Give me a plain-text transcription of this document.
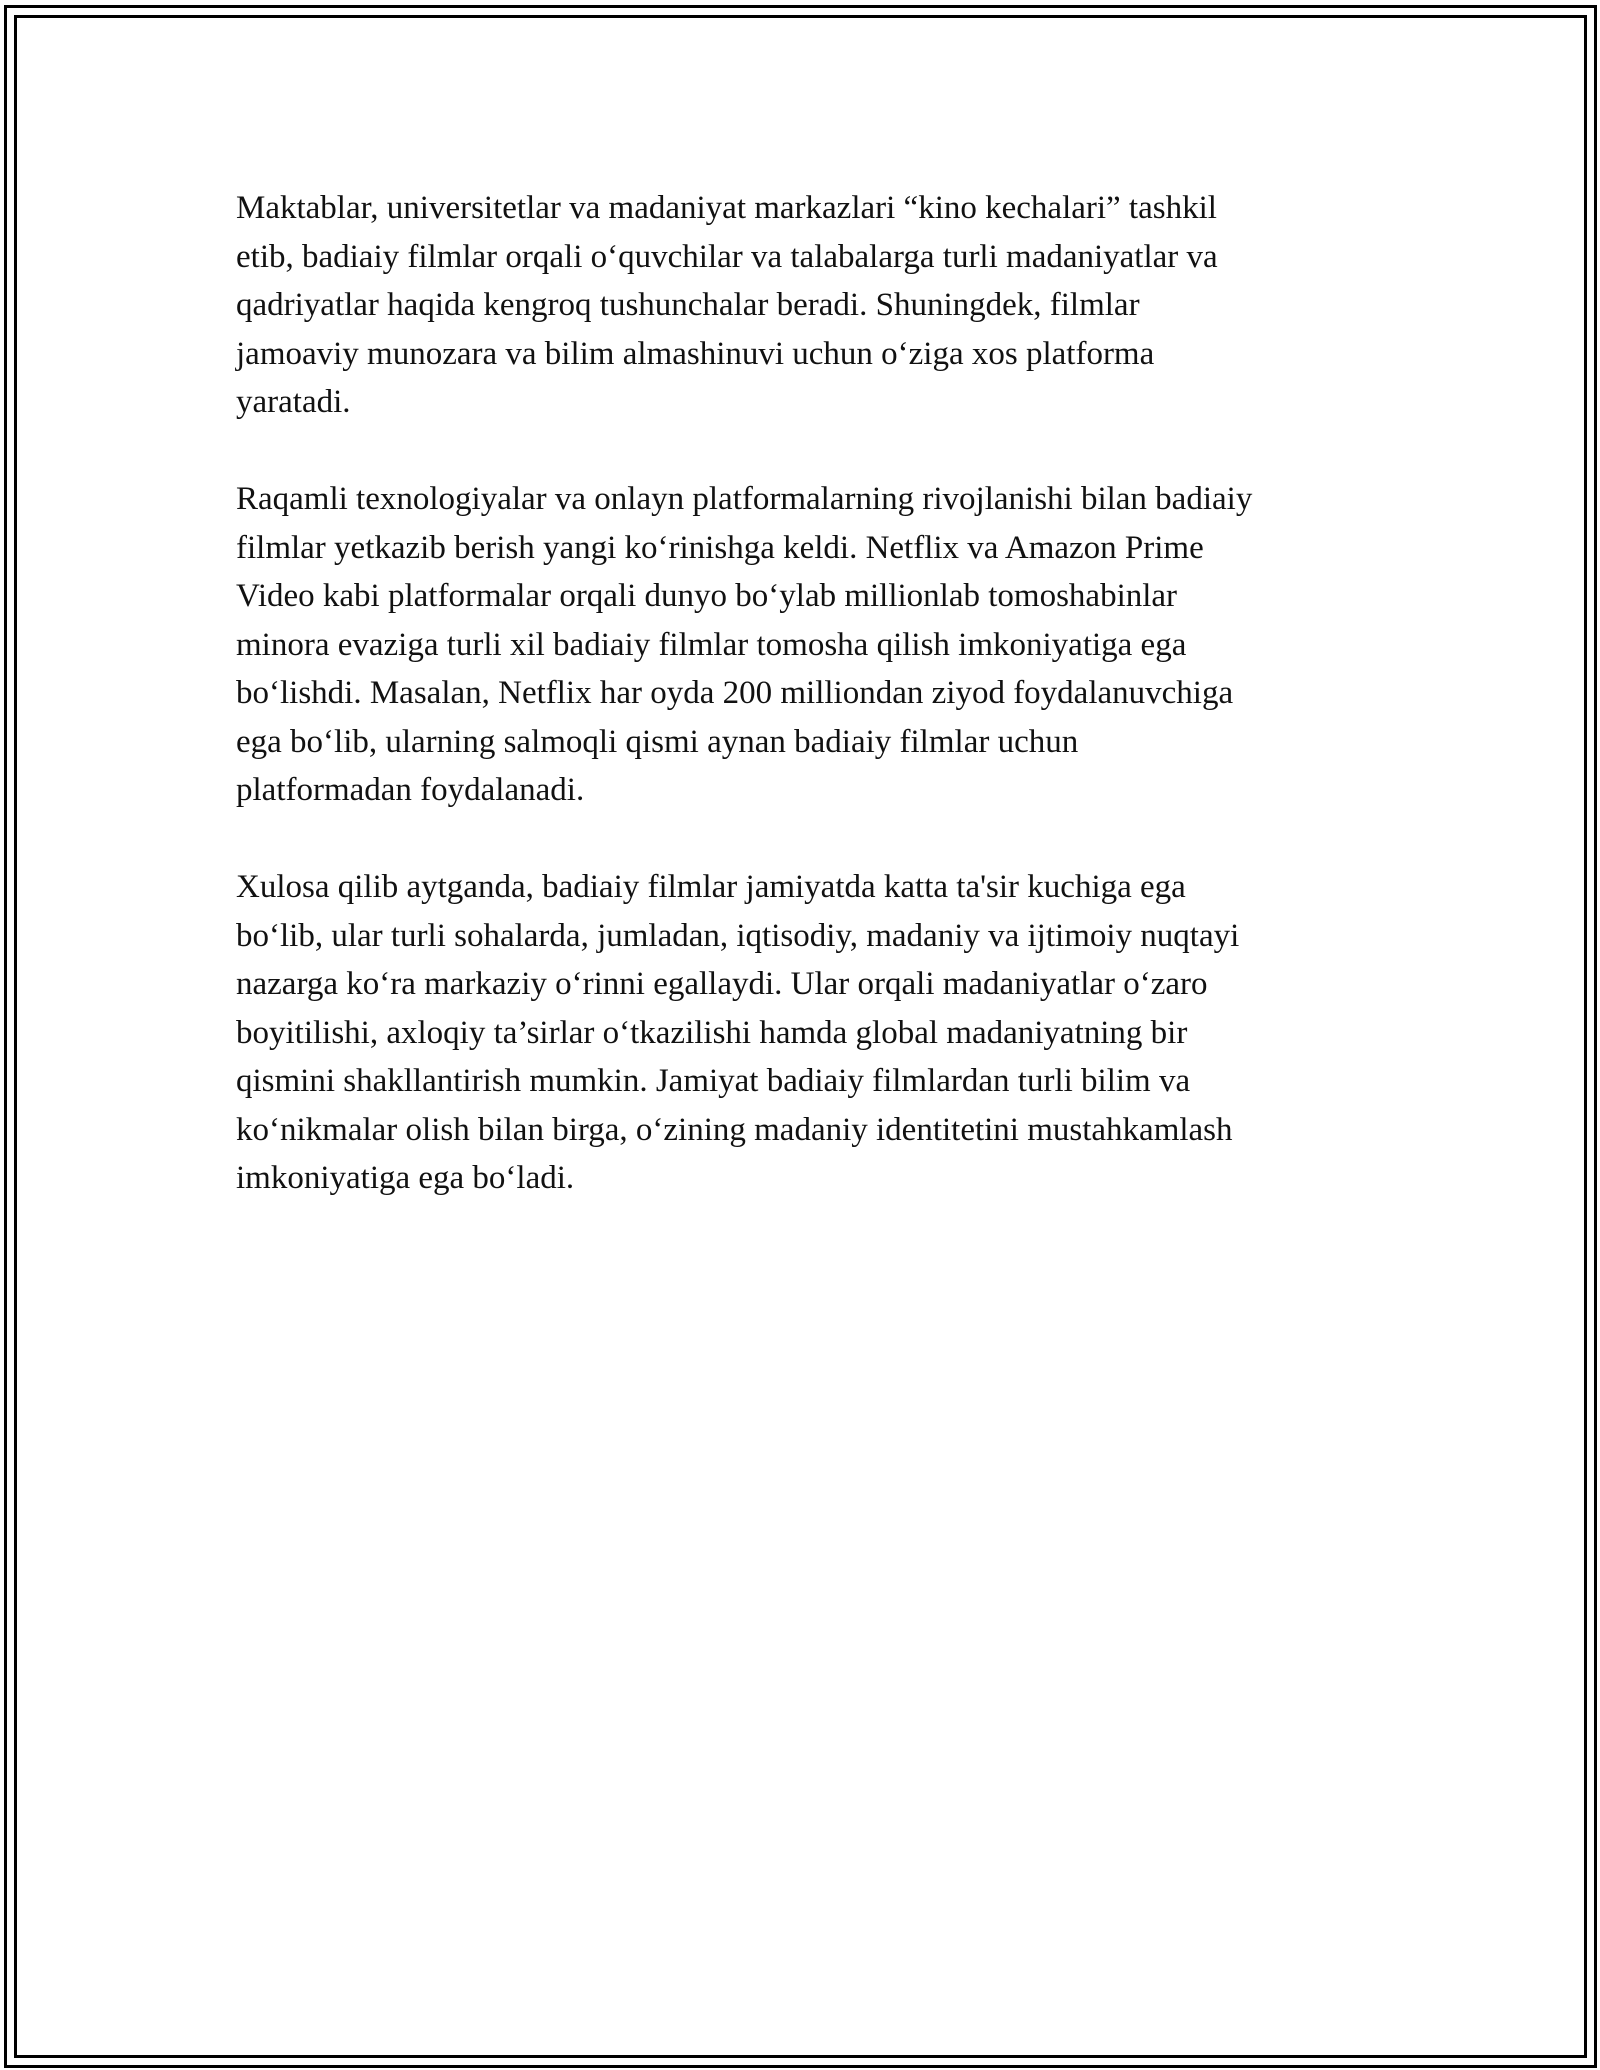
Maktablar, universitetlar va madaniyat markazlari “kino kechalari” tashkil
etib, badiaiy filmlar orqali oʻquvchilar va talabalarga turli madaniyatlar va
qadriyatlar haqida kengroq tushunchalar beradi. Shuningdek, filmlar
jamoaviy munozara va bilim almashinuvi uchun oʻziga xos platforma
yaratadi.

Raqamli texnologiyalar va onlayn platformalarning rivojlanishi bilan badiaiy
filmlar yetkazib berish yangi koʻrinishga keldi. Netflix va Amazon Prime
Video kabi platformalar orqali dunyo boʻylab millionlab tomoshabinlar
minora evaziga turli xil badiaiy filmlar tomosha qilish imkoniyatiga ega
boʻlishdi. Masalan, Netflix har oyda 200 milliondan ziyod foydalanuvchiga
ega boʻlib, ularning salmoqli qismi aynan badiaiy filmlar uchun
platformadan foydalanadi.

Xulosa qilib aytganda, badiaiy filmlar jamiyatda katta ta'sir kuchiga ega
boʻlib, ular turli sohalarda, jumladan, iqtisodiy, madaniy va ijtimoiy nuqtayi
nazarga koʻra markaziy oʻrinni egallaydi. Ular orqali madaniyatlar oʻzaro
boyitilishi, axloqiy ta’sirlar oʻtkazilishi hamda global madaniyatning bir
qismini shakllantirish mumkin. Jamiyat badiaiy filmlardan turli bilim va
koʻnikmalar olish bilan birga, oʻzining madaniy identitetini mustahkamlash
imkoniyatiga ega boʻladi.
